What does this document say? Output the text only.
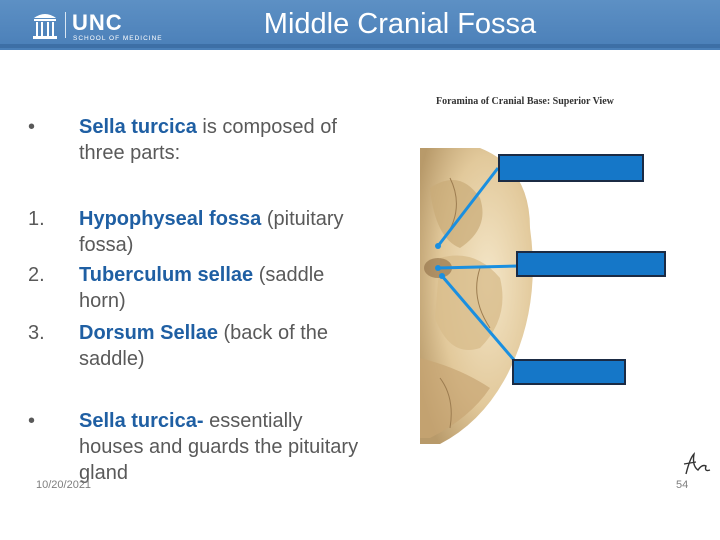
UNC
SCHOOL OF MEDICINE	Middle Cranial Fossa
•	Sella turcica is composed of three parts:
1.	Hypophyseal fossa (pituitary fossa)
2.	Tuberculum sellae (saddle horn)
3.	Dorsum Sellae (back of the saddle)
•	Sella turcica- essentially houses and guards the pituitary gland
Foramina of Cranial Base: Superior View
10/20/2021	54
